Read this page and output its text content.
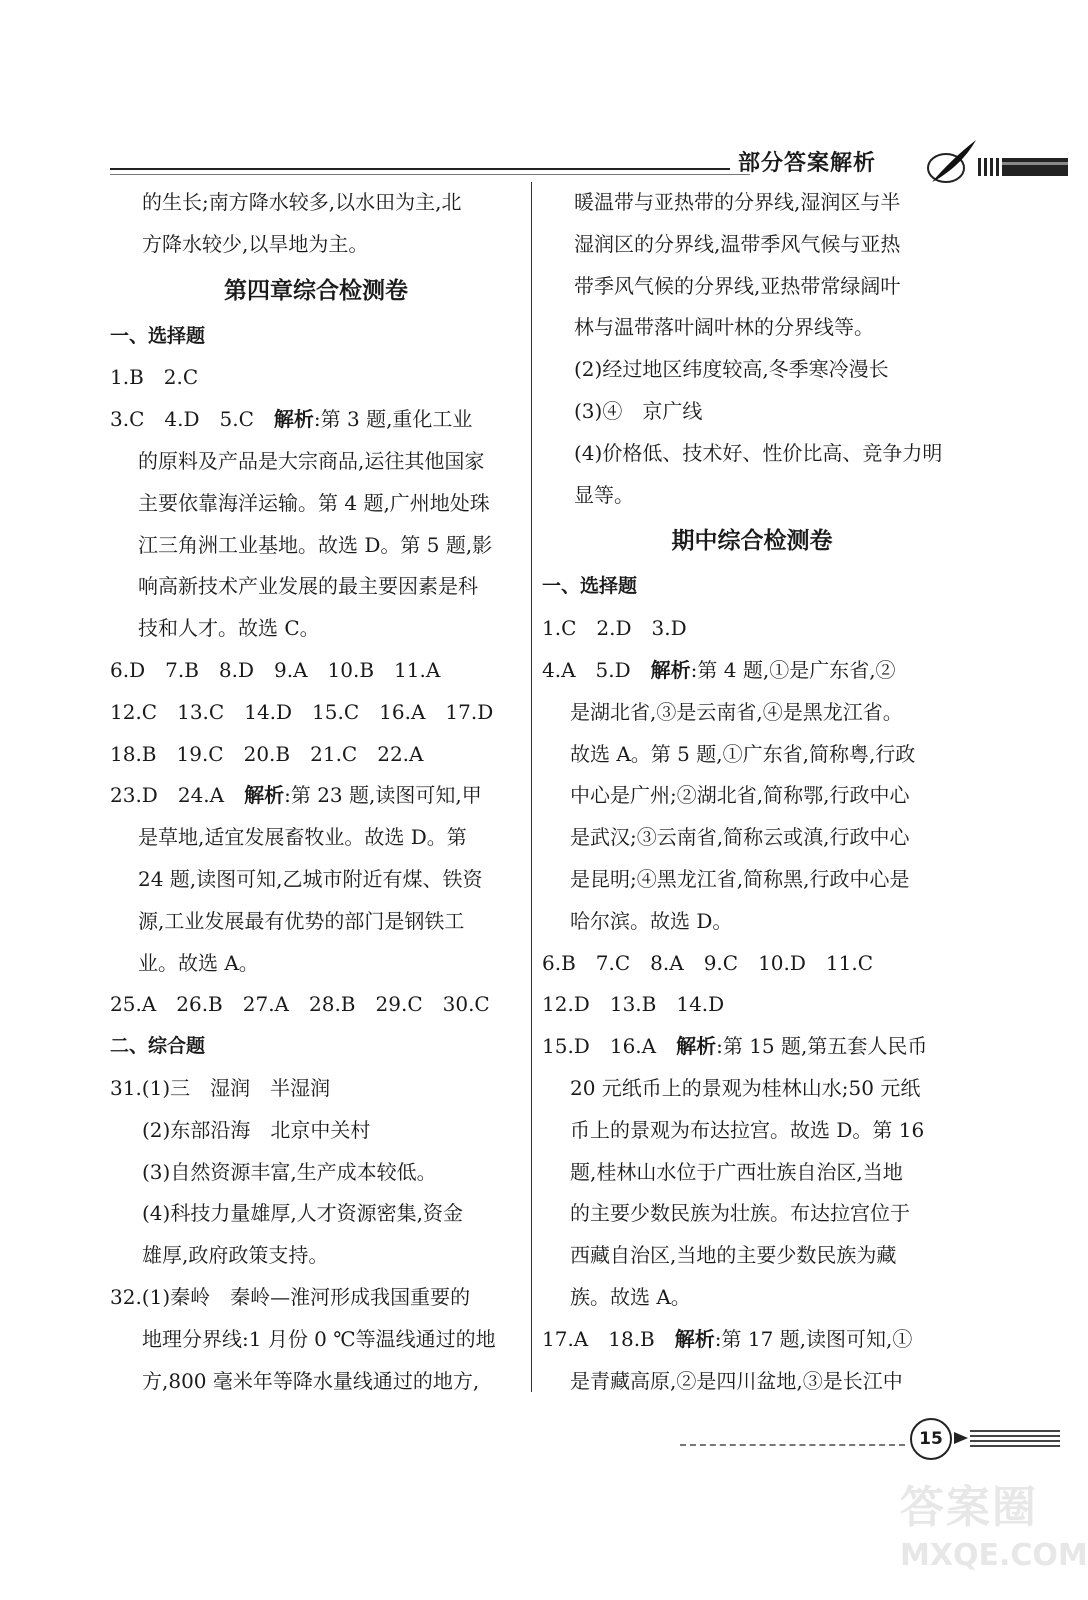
部分答案解析
的生长;南方降水较多,以水田为主,北
方降水较少,以旱地为主。
第四章综合检测卷
一、选择题
1.B　2.C
3.C　4.D　5.C　解析:第 3 题,重化工业
的原料及产品是大宗商品,运往其他国家
主要依靠海洋运输。第 4 题,广州地处珠
江三角洲工业基地。故选 D。第 5 题,影
响高新技术产业发展的最主要因素是科
技和人才。故选 C。
6.D　7.B　8.D　9.A　10.B　11.A
12.C　13.C　14.D　15.C　16.A　17.D
18.B　19.C　20.B　21.C　22.A
23.D　24.A　解析:第 23 题,读图可知,甲
是草地,适宜发展畜牧业。故选 D。第
24 题,读图可知,乙城市附近有煤、铁资
源,工业发展最有优势的部门是钢铁工
业。故选 A。
25.A　26.B　27.A　28.B　29.C　30.C
二、综合题
31.(1)三　湿润　半湿润
(2)东部沿海　北京中关村
(3)自然资源丰富,生产成本较低。
(4)科技力量雄厚,人才资源密集,资金
雄厚,政府政策支持。
32.(1)秦岭　秦岭—淮河形成我国重要的
地理分界线:1 月份 0 ℃等温线通过的地
方,800 毫米年等降水量线通过的地方,
暖温带与亚热带的分界线,湿润区与半
湿润区的分界线,温带季风气候与亚热
带季风气候的分界线,亚热带常绿阔叶
林与温带落叶阔叶林的分界线等。
(2)经过地区纬度较高,冬季寒冷漫长
(3)④　京广线
(4)价格低、技术好、性价比高、竞争力明
显等。
期中综合检测卷
一、选择题
1.C　2.D　3.D
4.A　5.D　解析:第 4 题,①是广东省,②
是湖北省,③是云南省,④是黑龙江省。
故选 A。第 5 题,①广东省,简称粤,行政
中心是广州;②湖北省,简称鄂,行政中心
是武汉;③云南省,简称云或滇,行政中心
是昆明;④黑龙江省,简称黑,行政中心是
哈尔滨。故选 D。
6.B　7.C　8.A　9.C　10.D　11.C
12.D　13.B　14.D
15.D　16.A　解析:第 15 题,第五套人民币
20 元纸币上的景观为桂林山水;50 元纸
币上的景观为布达拉宫。故选 D。第 16
题,桂林山水位于广西壮族自治区,当地
的主要少数民族为壮族。布达拉宫位于
西藏自治区,当地的主要少数民族为藏
族。故选 A。
17.A　18.B　解析:第 17 题,读图可知,①
是青藏高原,②是四川盆地,③是长江中
15
答案圈
MXQE.COM
